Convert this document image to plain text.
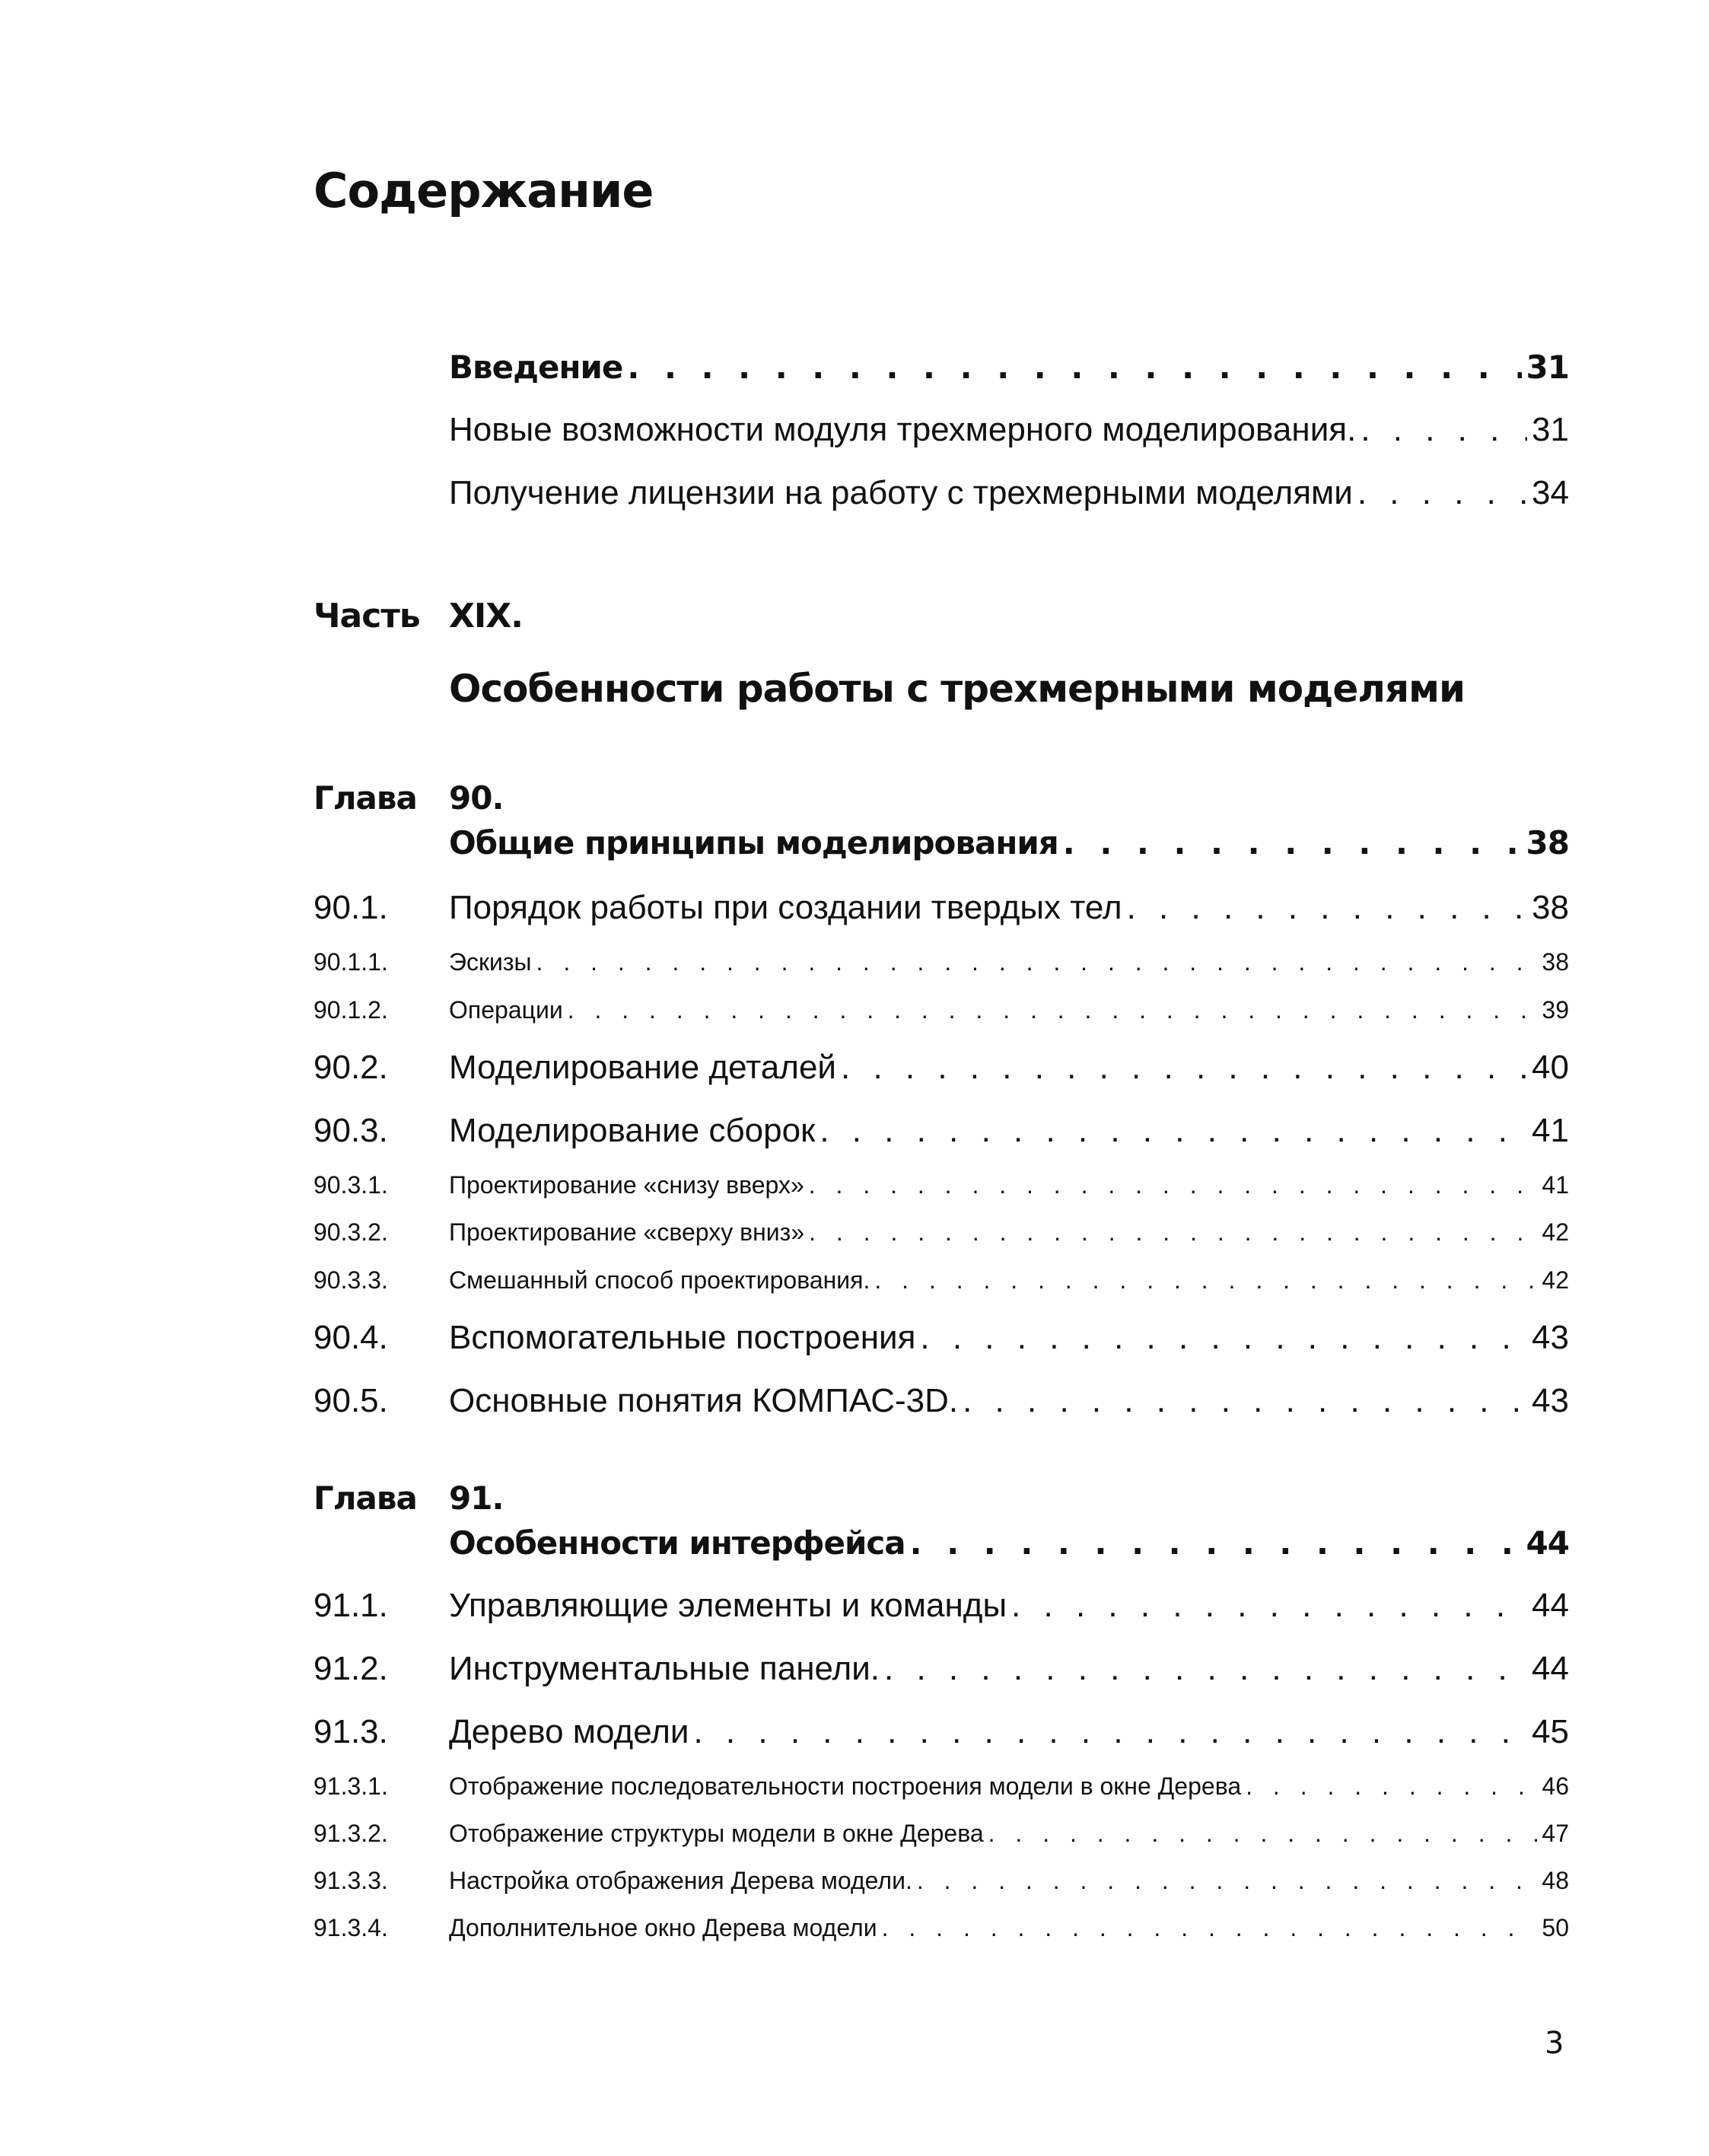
Содержание
Введение . . .	31
Новые возможности модуля трехмерного моделирования. . . .	31
Получение лицензии на работу с трехмерными моделями . . .	34
Часть XIX.
Особенности работы с трехмерными моделями
Глава 90.
Общие принципы моделирования . . .	38
90.1. Порядок работы при создании твердых тел . . .	38
90.1.1.	Эскизы . . .	38
90.1.2.	Операции . . .	39
90.2. Моделирование деталей . . .	40
90.3. Моделирование сборок . . .	41
90.3.1.	Проектирование «снизу вверх» . . .	41
90.3.2.	Проектирование «сверху вниз» . . .	42
90.3.3.	Смешанный способ проектирования. . . .	42
90.4. Вспомогательные построения . . .	43
90.5. Основные понятия КОМПАС-3D. . . .	43
Глава 91.
Особенности интерфейса . . .	44
91.1. Управляющие элементы и команды . . .	44
91.2. Инструментальные панели. . . .	44
91.3. Дерево модели . . .	45
91.3.1.	Отображение последовательности построения модели в окне Дерева . . .	46
91.3.2.	Отображение структуры модели в окне Дерева . . .	47
91.3.3.	Настройка отображения Дерева модели. . . .	48
91.3.4.	Дополнительное окно Дерева модели . . .	50
3
